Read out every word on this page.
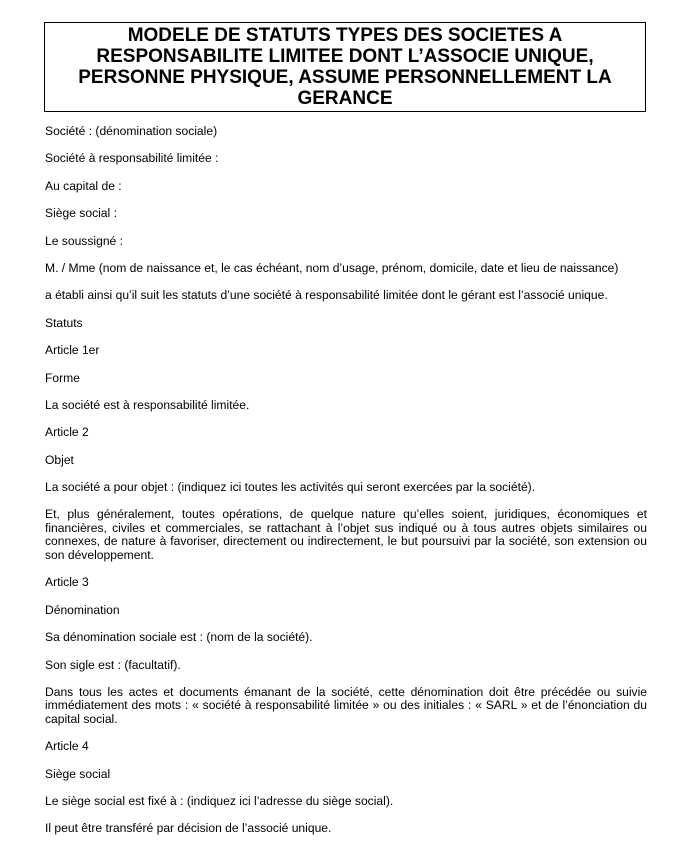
MODELE DE STATUTS TYPES DES SOCIETES A RESPONSABILITE LIMITEE DONT L’ASSOCIE UNIQUE, PERSONNE PHYSIQUE, ASSUME PERSONNELLEMENT LA GERANCE

Société : (dénomination sociale)

Société à responsabilité limitée :

Au capital de :

Siège social :

Le soussigné :

M. / Mme (nom de naissance et, le cas échéant, nom d’usage, prénom, domicile, date et lieu de naissance)

a établi ainsi qu’il suit les statuts d’une société à responsabilité limitée dont le gérant est l’associé unique.

Statuts

Article 1er

Forme

La société est à responsabilité limitée.

Article 2

Objet

La société a pour objet : (indiquez ici toutes les activités qui seront exercées par la société).

Et, plus généralement, toutes opérations, de quelque nature qu’elles soient, juridiques, économiques et financières, civiles et commerciales, se rattachant à l’objet sus indiqué ou à tous autres objets similaires ou connexes, de nature à favoriser, directement ou indirectement, le but poursuivi par la société, son extension ou son développement.

Article 3

Dénomination

Sa dénomination sociale est : (nom de la société).

Son sigle est : (facultatif).

Dans tous les actes et documents émanant de la société, cette dénomination doit être précédée ou suivie immédiatement des mots : « société à responsabilité limitée » ou des initiales : « SARL » et de l’énonciation du capital social.

Article 4

Siège social

Le siège social est fixé à : (indiquez ici l’adresse du siège social).

Il peut être transféré par décision de l’associé unique.
